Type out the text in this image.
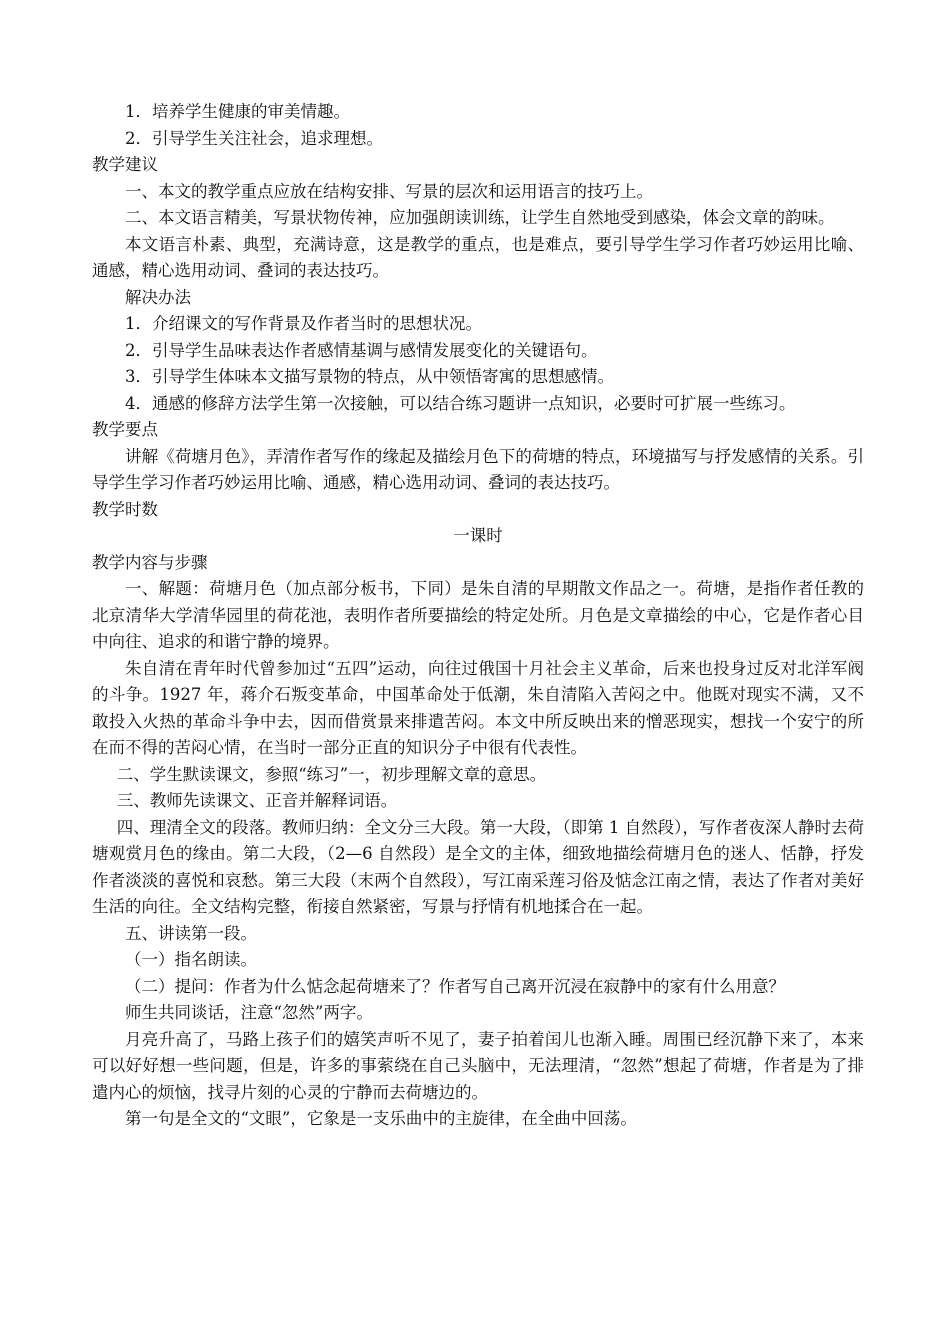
1．培养学生健康的审美情趣。

2．引导学生关注社会，追求理想。

教学建议

一、本文的教学重点应放在结构安排、写景的层次和运用语言的技巧上。

二、本文语言精美，写景状物传神，应加强朗读训练，让学生自然地受到感染，体会文章的韵味。

本文语言朴素、典型，充满诗意，这是教学的重点，也是难点，要引导学生学习作者巧妙运用比喻、通感，精心选用动词、叠词的表达技巧。

解决办法

1．介绍课文的写作背景及作者当时的思想状况。

2．引导学生品味表达作者感情基调与感情发展变化的关键语句。

3．引导学生体味本文描写景物的特点，从中领悟寄寓的思想感情。

4．通感的修辞方法学生第一次接触，可以结合练习题讲一点知识，必要时可扩展一些练习。

教学要点

讲解《荷塘月色》，弄清作者写作的缘起及描绘月色下的荷塘的特点，环境描写与抒发感情的关系。引导学生学习作者巧妙运用比喻、通感，精心选用动词、叠词的表达技巧。

教学时数

一课时

教学内容与步骤

一、解题：荷塘月色（加点部分板书，下同）是朱自清的早期散文作品之一。荷塘，是指作者任教的北京清华大学清华园里的荷花池，表明作者所要描绘的特定处所。月色是文章描绘的中心，它是作者心目中向往、追求的和谐宁静的境界。

朱自清在青年时代曾参加过“五四”运动，向往过俄国十月社会主义革命，后来也投身过反对北洋军阀的斗争。1927 年，蒋介石叛变革命，中国革命处于低潮，朱自清陷入苦闷之中。他既对现实不满，又不敢投入火热的革命斗争中去，因而借赏景来排遣苦闷。本文中所反映出来的憎恶现实，想找一个安宁的所在而不得的苦闷心情，在当时一部分正直的知识分子中很有代表性。

二、学生默读课文，参照“练习”一，初步理解文章的意思。

三、教师先读课文、正音并解释词语。

四、理清全文的段落。教师归纳：全文分三大段。第一大段，（即第 1 自然段），写作者夜深人静时去荷塘观赏月色的缘由。第二大段，（2—6 自然段）是全文的主体，细致地描绘荷塘月色的迷人、恬静，抒发作者淡淡的喜悦和哀愁。第三大段（末两个自然段），写江南采莲习俗及惦念江南之情，表达了作者对美好生活的向往。全文结构完整，衔接自然紧密，写景与抒情有机地揉合在一起。

五、讲读第一段。

（一）指名朗读。

（二）提问：作者为什么惦念起荷塘来了？作者写自己离开沉浸在寂静中的家有什么用意？

师生共同谈话，注意“忽然”两字。

月亮升高了，马路上孩子们的嬉笑声听不见了，妻子拍着闰儿也渐入睡。周围已经沉静下来了，本来可以好好想一些问题，但是，许多的事萦绕在自己头脑中，无法理清，“忽然”想起了荷塘，作者是为了排遣内心的烦恼，找寻片刻的心灵的宁静而去荷塘边的。

第一句是全文的“文眼”，它象是一支乐曲中的主旋律，在全曲中回荡。
